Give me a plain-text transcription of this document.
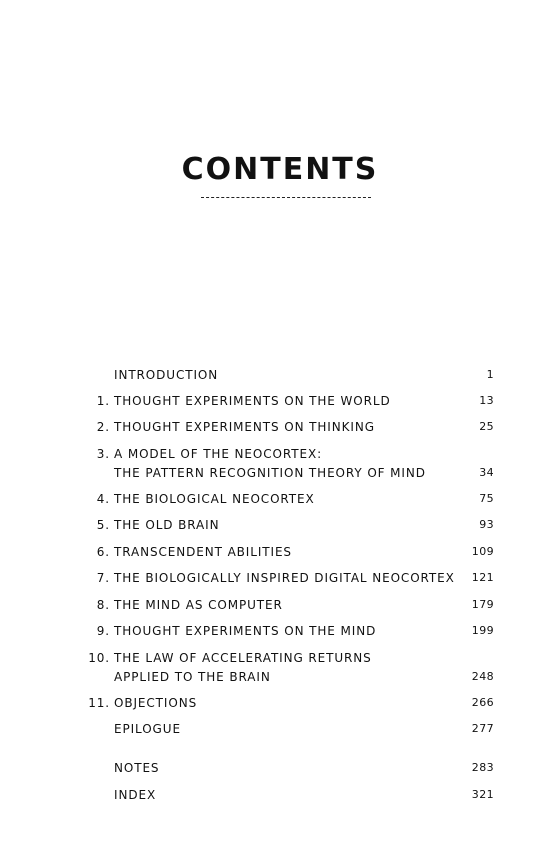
CONTENTS
INTRODUCTION	1
1. THOUGHT EXPERIMENTS ON THE WORLD	13
2. THOUGHT EXPERIMENTS ON THINKING	25
3. A MODEL OF THE NEOCORTEX:
THE PATTERN RECOGNITION THEORY OF MIND	34
4. THE BIOLOGICAL NEOCORTEX	75
5. THE OLD BRAIN	93
6. TRANSCENDENT ABILITIES	109
7. THE BIOLOGICALLY INSPIRED DIGITAL NEOCORTEX 121
8. THE MIND AS COMPUTER	179
9. THOUGHT EXPERIMENTS ON THE MIND	199
10. THE LAW OF ACCELERATING RETURNS
APPLIED TO THE BRAIN	248
11. OBJECTIONS	266
EPILOGUE	277
NOTES	283
INDEX	321
